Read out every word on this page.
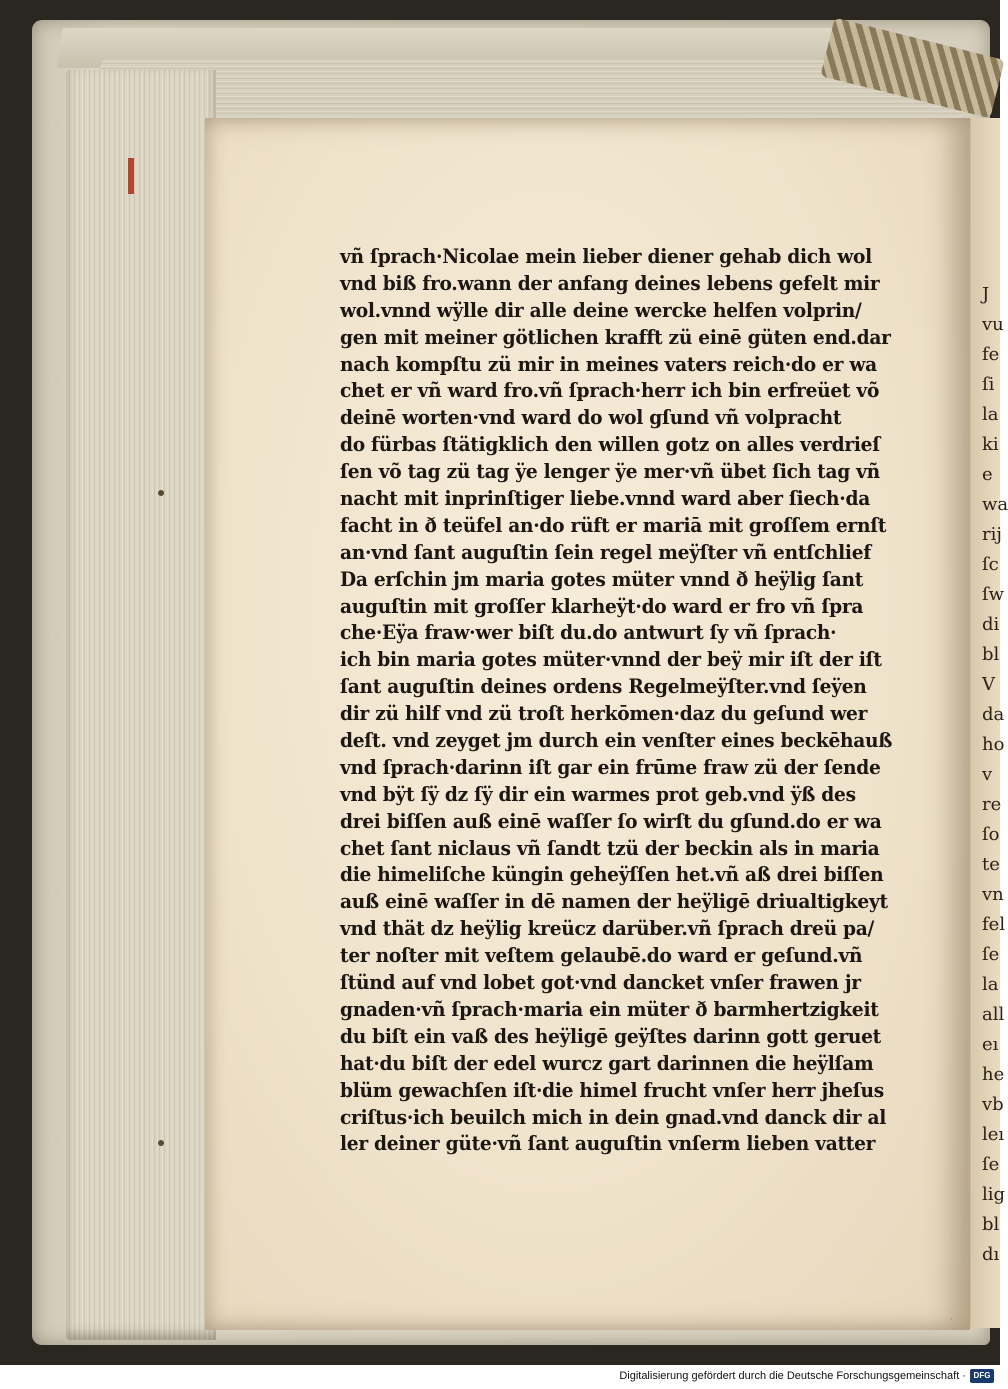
J
vu
fe
ſi
la
ki
e
wa
rij
ſc
ſw
di
bl
V
da
ho
v
re
ſo
te
vn
fel
ſe
la
all
eı
he
vb
leı
ſe
lig
bl
dı
vñ ſprach·Nicolae mein lieber diener gehab dich wol
vnd biß fro.wann der anfang deines lebens gefelt mir
wol.vnnd wÿlle dir alle deine wercke helfen volprin/
gen mit meiner götlichen krafft zü einē güten end.dar
nach kompſtu zü mir in meines vaters reich·do er wa
chet er vñ ward fro.vñ ſprach·herr ich bin erfreüet võ
deinē worten·vnd ward do wol gſund vñ volpracht
do fürbas ſtätigklich den willen gotz on alles verdrieſ
ſen võ tag zü tag ÿe lenger ÿe mer·vñ übet ſich tag vñ
nacht mit inprinſtiger liebe.vnnd ward aber ſiech·da
facht in ð teüfel an·do rüft er mariā mit groſſem ernſt
an·vnd ſant auguſtin ſein regel meÿſter vñ entſchlief
Da erſchin jm maria gotes müter vnnd ð heÿlig ſant
auguſtin mit groſſer klarheÿt·do ward er fro vñ ſpra
che·Eÿa fraw·wer biſt du.do antwurt ſy vñ ſprach·
ich bin maria gotes müter·vnnd der beÿ mir iſt der iſt
ſant auguſtin deines ordens Regelmeÿſter.vnd ſeÿen
dir zü hilf vnd zü troſt herkōmen·daz du geſund wer
deſt. vnd zeyget jm durch ein venſter eines beckēhauß
vnd ſprach·darinn iſt gar ein frūme fraw zü der ſende
vnd bÿt ſÿ dz ſÿ dir ein warmes prot geb.vnd ÿß des
drei biſſen auß einē waſſer ſo wirſt du gſund.do er wa
chet ſant niclaus vñ ſandt tzü der beckin als in maria
die himeliſche küngin geheÿſſen het.vñ aß drei biſſen
auß einē waſſer in dē namen der heÿligē driualtigkeyt
vnd thät dz heÿlig kreücz darüber.vñ ſprach dreü pa/
ter noſter mit veſtem gelaubē.do ward er geſund.vñ
ſtünd auf vnd lobet got·vnd dancket vnſer frawen jr
gnaden·vñ ſprach·maria ein müter ð barmhertzigkeit
du biſt ein vaß des heÿligē geÿſtes darinn gott geruet
hat·du biſt der edel wurcz gart darinnen die heÿlſam
blüm gewachſen iſt·die himel frucht vnſer herr jheſus
criſtus·ich beuilch mich in dein gnad.vnd danck dir al
ler deiner güte·vñ ſant auguſtin vnſerm lieben vatter
·
Digitalisierung gefördert durch die Deutsche Forschungsgemeinschaft · DFG
